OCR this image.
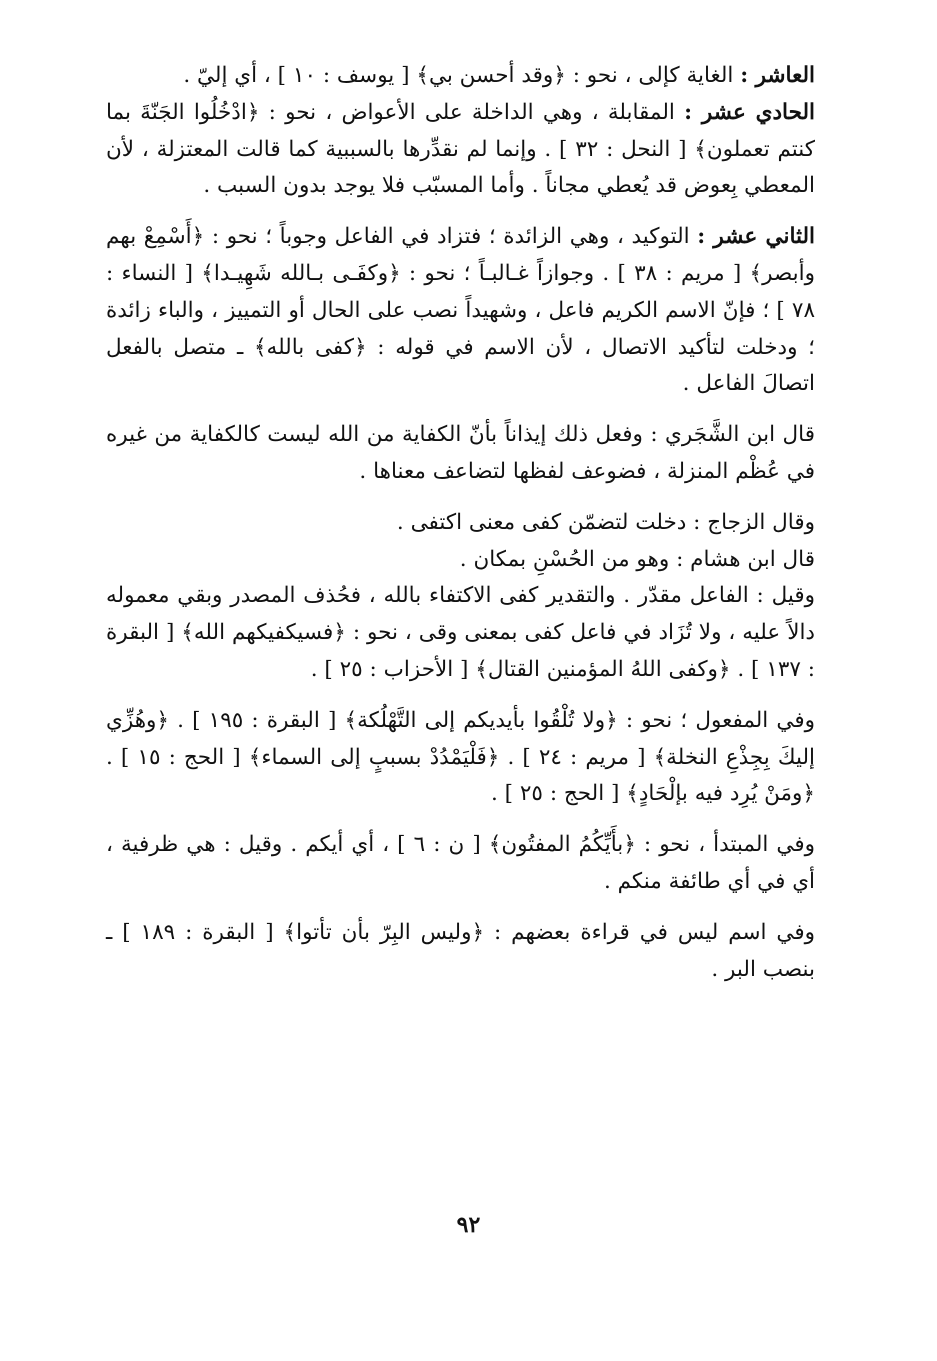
العاشر : الغاية كإلى ، نحو : ﴿وقد أحسن بي﴾ [ يوسف : ١٠ ] ، أي إليّ .

الحادي عشر : المقابلة ، وهي الداخلة على الأعواض ، نحو : ﴿ادْخُلُوا الجَنّةَ بما كنتم تعملون﴾ [ النحل : ٣٢ ] . وإنما لم نقدِّرها بالسببية كما قالت المعتزلة ، لأن المعطي بِعوض قد يُعطي مجاناً . وأما المسبّب فلا يوجد بدون السبب .

الثاني عشر : التوكيد ، وهي الزائدة ؛ فتزاد في الفاعل وجوباً ؛ نحو : ﴿أَسْمِعْ بهم وأبصر﴾ [ مريم : ٣٨ ] . وجوازاً غـالبـاً ؛ نحو : ﴿وكفَـى بـالله شَهِيـدا﴾ [ النساء : ٧٨ ] ؛ فإنّ الاسم الكريم فاعل ، وشهيداً نصب على الحال أو التمييز ، والباء زائدة ؛ ودخلت لتأكيد الاتصال ، لأن الاسم في قوله : ﴿كفى بالله﴾ ـ متصل بالفعل اتصالَ الفاعل .

قال ابن الشَّجَري : وفعل ذلك إيذاناً بأنّ الكفاية من الله ليست كالكفاية من غيره في عُظْم المنزلة ، فضوعف لفظها لتضاعف معناها .

وقال الزجاج : دخلت لتضمّن كفى معنى اكتفى .

قال ابن هشام : وهو من الحُسْنِ بمكان .

وقيل : الفاعل مقدّر . والتقدير كفى الاكتفاء بالله ، فحُذف المصدر وبقي معموله دالاً عليه ، ولا تُزَاد في فاعل كفى بمعنى وقى ، نحو : ﴿فسيكفيكهم الله﴾ [ البقرة : ١٣٧ ] . ﴿وكفى اللهُ المؤمنين القتال﴾ [ الأحزاب : ٢٥ ] .

وفي المفعول ؛ نحو : ﴿ولا تُلْقُوا بأيديكم إلى التَّهْلُكة﴾ [ البقرة : ١٩٥ ] . ﴿وهُزِّي إليكَ بِجِذْعِ النخلة﴾ [ مريم : ٢٤ ] . ﴿فَلْيَمْدُدْ بسببٍ إلى السماء﴾ [ الحج : ١٥ ] . ﴿ومَنْ يُرِد فيه بإلْحَادٍ﴾ [ الحج : ٢٥ ] .

وفي المبتدأ ، نحو : ﴿بأَيِّكُمُ المفتُون﴾ [ ن : ٦ ] ، أي أيكم . وقيل : هي ظرفية ، أي في أي طائفة منكم .

وفي اسم ليس في قراءة بعضهم : ﴿وليس البِرّ بأن تأتوا﴾ [ البقرة : ١٨٩ ] ـ بنصب البر .

٩٢
